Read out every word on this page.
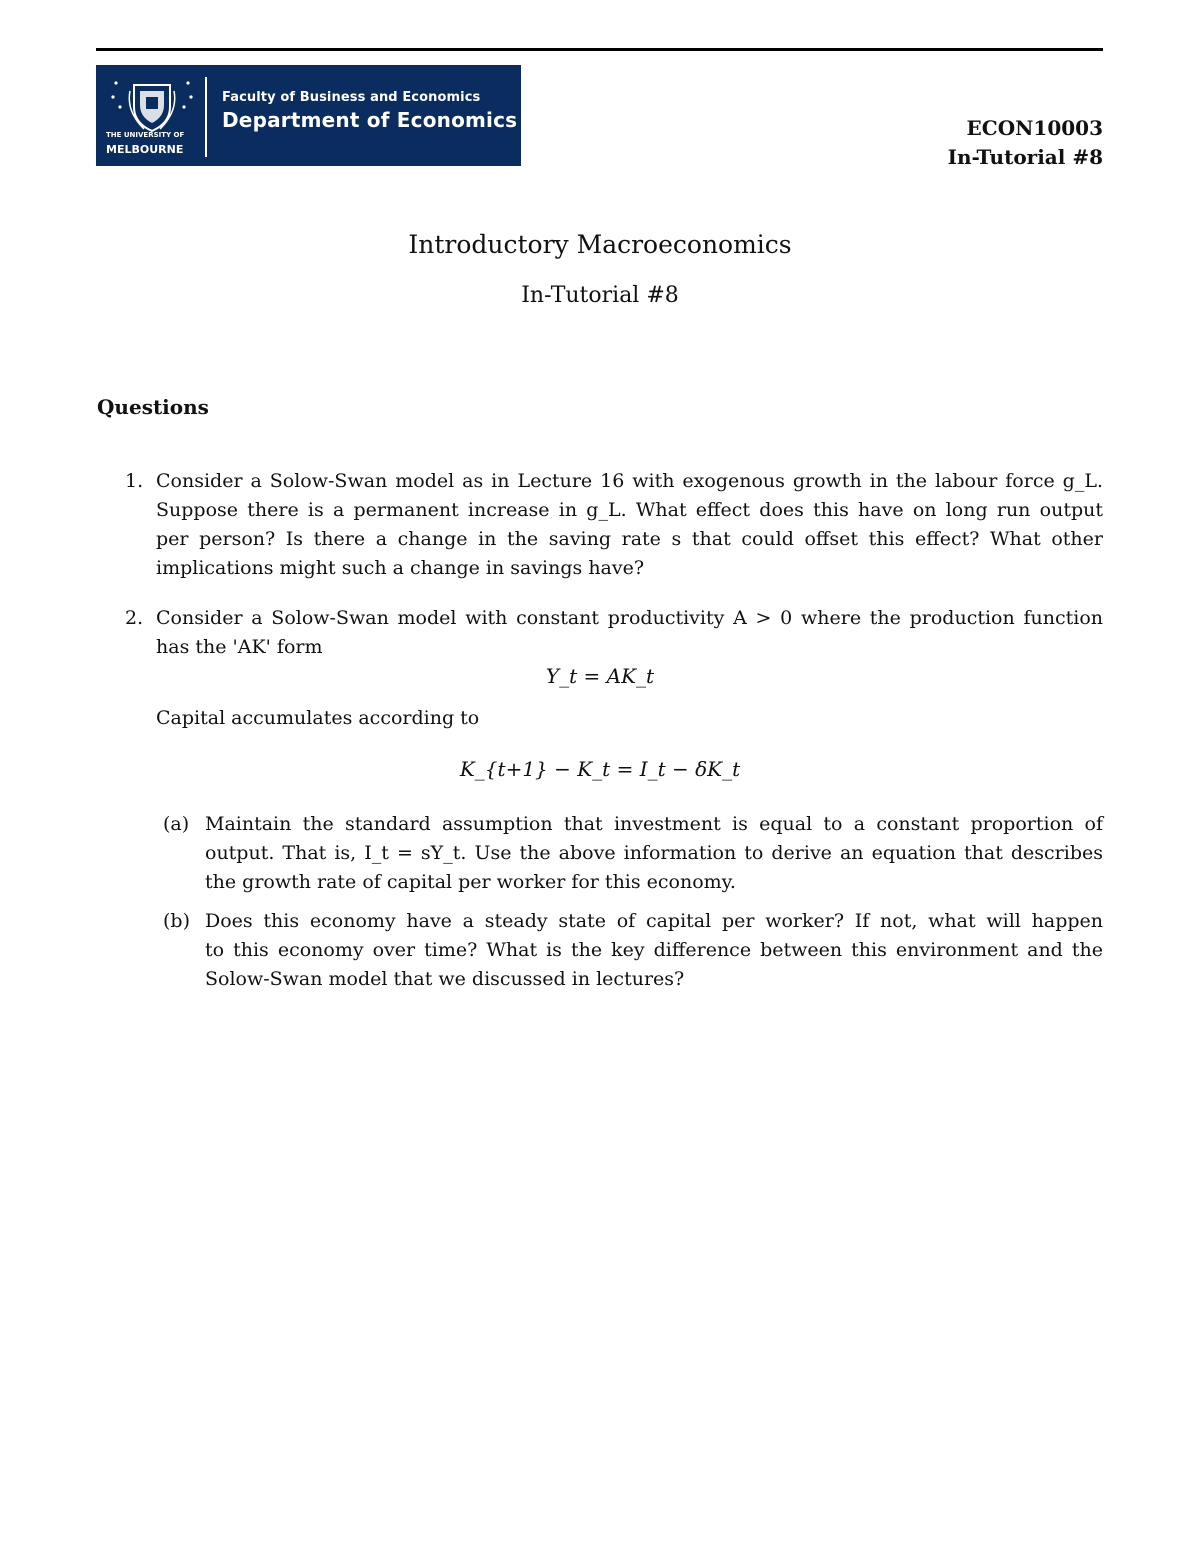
THE UNIVERSITY OF
MELBOURNE
Faculty of Business and Economics
Department of Economics	ECON10003
In-Tutorial #8
Introductory Macroeconomics
In-Tutorial #8
Questions
1. Consider a Solow-Swan model as in Lecture 16 with exogenous growth in the labour force g_L.
Suppose there is a permanent increase in g_L. What effect does this have on long run output
per person? Is there a change in the saving rate s that could offset this effect? What other
implications might such a change in savings have?
2. Consider a Solow-Swan model with constant productivity A > 0 where the production function
has the 'AK' form
Y_t = AK_t
Capital accumulates according to
K_{t+1} − K_t = I_t − δK_t
(a) Maintain the standard assumption that investment is equal to a constant proportion of
output. That is, I_t = sY_t. Use the above information to derive an equation that describes
the growth rate of capital per worker for this economy.
(b) Does this economy have a steady state of capital per worker? If not, what will happen
to this economy over time? What is the key difference between this environment and the
Solow-Swan model that we discussed in lectures?
